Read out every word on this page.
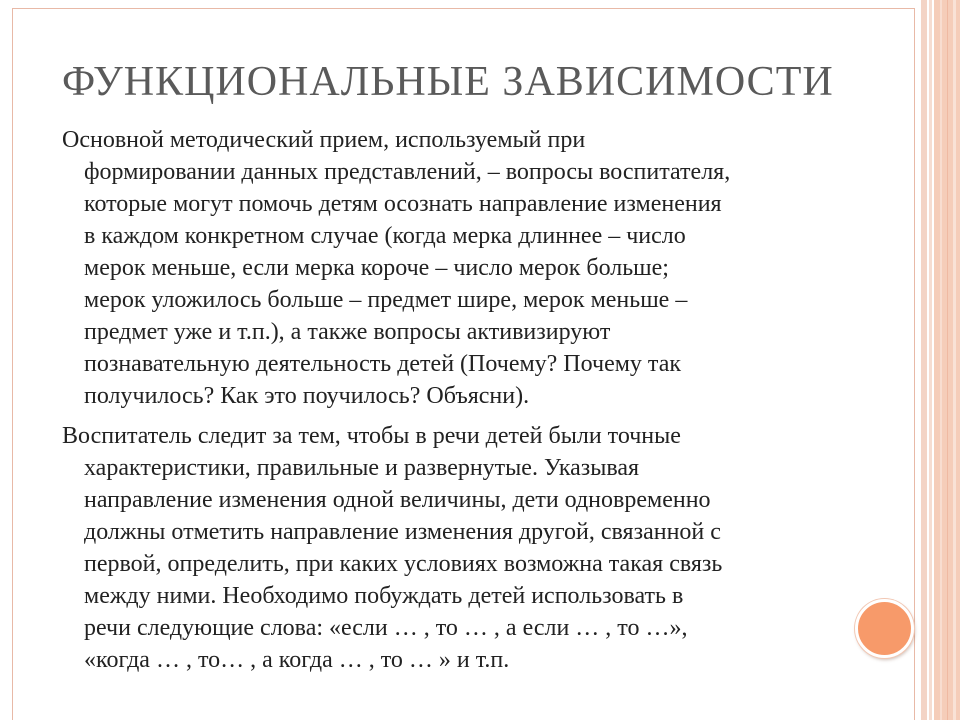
ФУНКЦИОНАЛЬНЫЕ ЗАВИСИМОСТИ

Основной методический прием, используемый при
формировании данных представлений, – вопросы воспитателя,
которые могут помочь детям осознать направление изменения
в каждом конкретном случае (когда мерка длиннее – число
мерок меньше, если мерка короче – число мерок больше;
мерок уложилось больше – предмет шире, мерок меньше –
предмет уже и т.п.), а также вопросы активизируют
познавательную деятельность детей (Почему? Почему так
получилось? Как это поучилось? Объясни).

Воспитатель следит за тем, чтобы в речи детей были точные
характеристики, правильные и развернутые. Указывая
направление изменения одной величины, дети одновременно
должны отметить направление изменения другой, связанной с
первой, определить, при каких условиях возможна такая связь
между ними. Необходимо побуждать детей использовать в
речи следующие слова: «если … , то … , а если … , то …»,
«когда … , то… , а когда … , то … » и т.п.
